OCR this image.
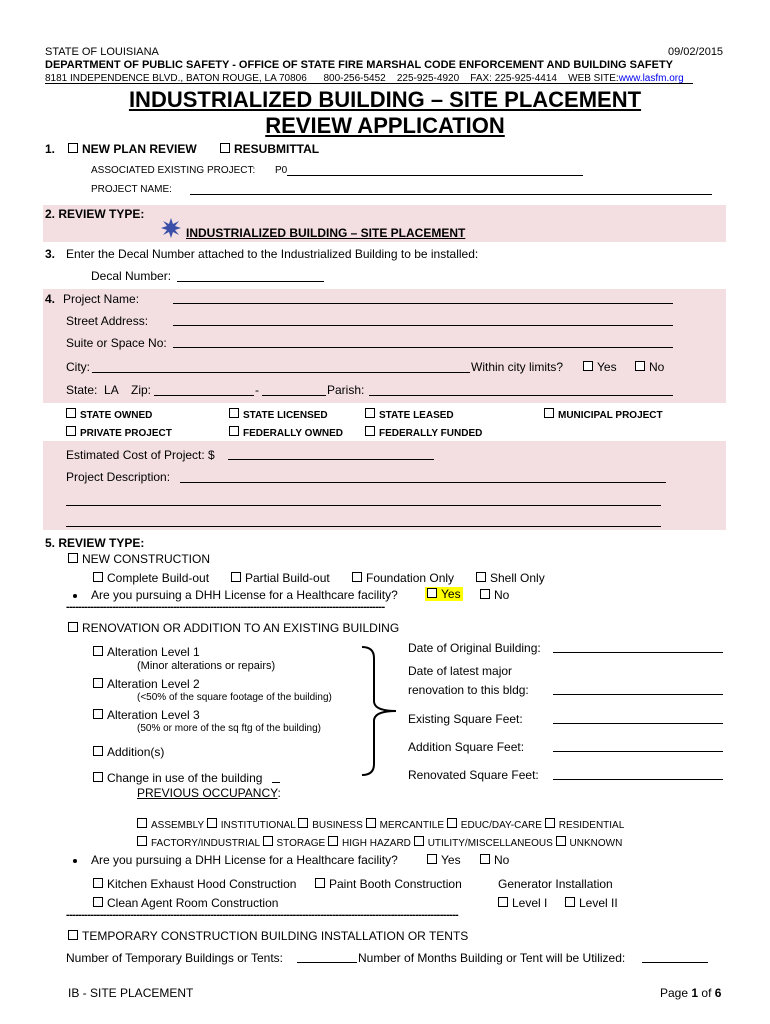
STATE OF LOUISIANA	09/02/2015
DEPARTMENT OF PUBLIC SAFETY - OFFICE OF STATE FIRE MARSHAL CODE ENFORCEMENT AND BUILDING SAFETY
8181 INDEPENDENCE BLVD., BATON ROUGE, LA 70806 800-256-5452 225-925-4920 FAX: 225-925-4414 WEB SITE:www.lasfm.org
INDUSTRIALIZED BUILDING – SITE PLACEMENT
REVIEW APPLICATION
1.	NEW PLAN REVIEW	RESUBMITTAL
ASSOCIATED EXISTING PROJECT: P0
PROJECT NAME:
2. REVIEW TYPE:
INDUSTRIALIZED BUILDING – SITE PLACEMENT
3. Enter the Decal Number attached to the Industrialized Building to be installed:
Decal Number:
4. Project Name:
Street Address:
Suite or Space No:
City:	Within city limits?	Yes	No
State: LA Zip:	-	Parish:
STATE OWNED	STATE LICENSED	STATE LEASED	MUNICIPAL PROJECT
PRIVATE PROJECT	FEDERALLY OWNED	FEDERALLY FUNDED
Estimated Cost of Project: $
Project Description:
5. REVIEW TYPE:
NEW CONSTRUCTION
Complete Build-out	Partial Build-out	Foundation Only	Shell Only
Are you pursuing a DHH License for a Healthcare facility?	Yes	No
--------------------------------------------------------------------------------------------------------
RENOVATION OR ADDITION TO AN EXISTING BUILDING
Alteration Level 1
(Minor alterations or repairs)
Alteration Level 2
(<50% of the square footage of the building)
Alteration Level 3
(50% or more of the sq ftg of the building)
Addition(s)
Change in use of the building
PREVIOUS OCCUPANCY:
Date of Original Building:
Date of latest major
renovation to this bldg:
Existing Square Feet:
Addition Square Feet:
Renovated Square Feet:
ASSEMBLY INSTITUTIONAL BUSINESS MERCANTILE EDUC/DAY-CARE RESIDENTIAL
FACTORY/INDUSTRIAL STORAGE HIGH HAZARD UTILITY/MISCELLANEOUS UNKNOWN
Are you pursuing a DHH License for a Healthcare facility?	Yes	No
Kitchen Exhaust Hood Construction	Paint Booth Construction	Generator Installation
Clean Agent Room Construction	Level I	Level II
--------------------------------------------------------------------------------------------------------------------------------
TEMPORARY CONSTRUCTION BUILDING INSTALLATION OR TENTS
Number of Temporary Buildings or Tents:	Number of Months Building or Tent will be Utilized:
IB - SITE PLACEMENT	Page 1 of 6
